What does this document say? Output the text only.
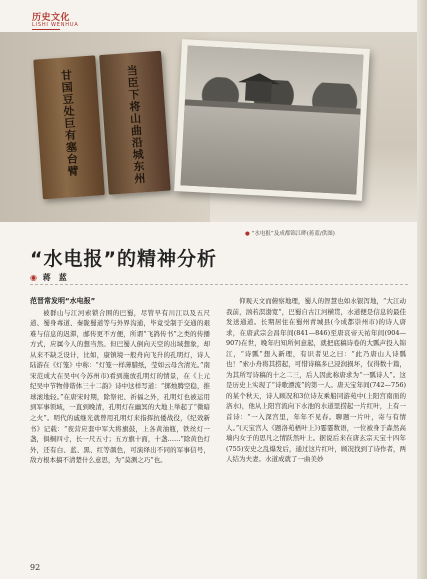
历史文化
LISHI WENHUA
甘国豆处巨有塞台臂	当臣下将山曲沿城东州
● “水电报”及成都锦江畔(蒋蓝/供图)
“水电报”的精神分析
◉ 蒋　蓝
范晋常发明“水电报”

被群山与江河索锁合围的巴蜀，尽管早有川江以及五尺道、蜀身毒道、秦陇蜀道等与外界沟通，毕竟受制于交通的艰难与信息的迟滞，邮传更不方便，所谓“飞鸽传书”之类的传播方式，应属今人的想当然。但巴蜀人倒向天空的出域想象，却从来不缺乏设计，比如，康镇境一般舟向飞升的孔明灯，诗人陆游在《灯笼》中称：“灯笼一样薄腊纸，莹如云母含清光。”南宋范成大在吴中(今苏州市)看到施放孔明灯的情景，在《上元纪吴中节物俳谐体三十二韵》诗中这样写道：“掷烛腾空稳，推球滚地轻。”在唐宋时期，除祭祀、祈福之外，孔明灯也被运用到军事领域，一直到晚清，孔明灯在幽冥的大地上举起了“微暗之火”。明代的戚继光就曾用孔明灯来指挥抗倭战役，《纪效新书》记载：“夜营应套中军大将旗鼓，上各黄油瓶，铁丝灯一盏，俱桐四寸，长一尺五寸；五方旗十面，十盏……”除黄色灯外，还有白、蓝、黑、红等颜色，可演绎出不同的军事信号，敌方根本搞不清楚什么意思，为“莫测之巧”也。

仰观天文而俯察地理，蜀人的智慧也如水银泻地，“大江动我前，汹若溟渤宽”，巴蜀自古江河横贯，水道便是信息的最佳发送通道。长期居住在蜀州青城县(今成都崇州市)的诗人唐求，在唐武宗会昌年间(841—846)至唐哀帝天祐年间(904—907)在世，晚年归知所何意起，就把底稿诗卷的大瓢声投入锦江，“诗瓢”想入新理，有识者见之曰：“此乃唐山人诗瓢也！”索小舟将其捞起，可惜诗稿多已浸润损坏，仅得数十篇，为其所写诗稿的十之二三，后人因此称唐求为“一瓢诗人”。这是历史上实现了“诗歌漂流”的第一人。唐天宝年间(742—756)的某个秋天，诗人顾况和3位诗友乘船同游苑中(上阳宫南面的洛水)，他从上阳宫流向下水池的水道里捞起一片红叶，上有一首诗：“一入深宫里，年年不见春。聊题一片叶，寄与有情人。”(天宝宫人《题洛苑梧叶上》)霎霎数语，一位被身于森然高墙内女子的思凡之情跃然叶上。据说后来在唐玄宗天宝十四年(755)安史之乱爆发后，通过这片红叶，顾况找到了诗作者，两人结为夫妻。水道成就了一曲美妙

92
